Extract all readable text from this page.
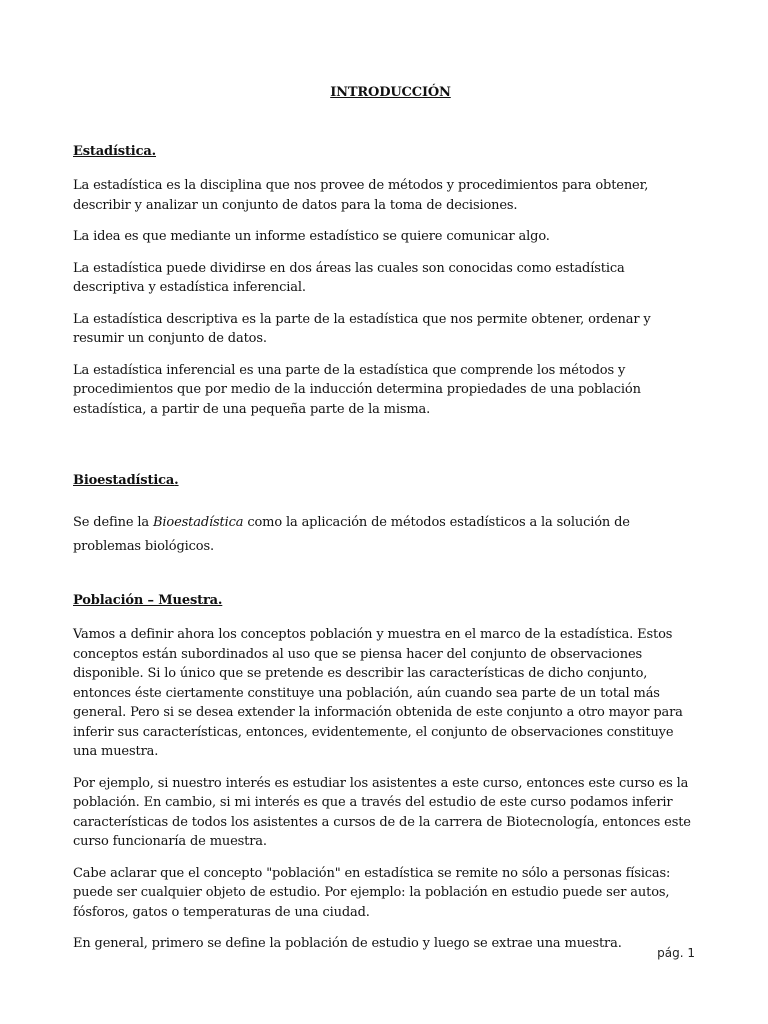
INTRODUCCIÓN

Estadística.

La estadística es la disciplina que nos provee de métodos y procedimientos para obtener, describir y analizar un conjunto de datos para la toma de decisiones.

La idea es que mediante un informe estadístico se quiere comunicar algo.

La estadística puede dividirse en dos áreas las cuales son conocidas como estadística descriptiva y estadística inferencial.

La estadística descriptiva es la parte de la estadística que nos permite obtener, ordenar y resumir un conjunto de datos.

La estadística inferencial es una parte de la estadística que comprende los métodos y procedimientos que por medio de la inducción determina propiedades de una población estadística, a partir de una pequeña parte de la misma.

Bioestadística.

Se define la Bioestadística como la aplicación de métodos estadísticos a la solución de problemas biológicos.

Población – Muestra.

Vamos a definir ahora los conceptos población y muestra en el marco de la estadística. Estos conceptos están subordinados al uso que se piensa hacer del conjunto de observaciones disponible. Si lo único que se pretende es describir las características de dicho conjunto, entonces éste ciertamente constituye una población, aún cuando sea parte de un total más general. Pero si se desea extender la información obtenida de este conjunto a otro mayor para inferir sus características, entonces, evidentemente, el conjunto de observaciones constituye una muestra.

Por ejemplo, si nuestro interés es estudiar los asistentes a este curso, entonces este curso es la población. En cambio, si mi interés es que a través del estudio de este curso podamos inferir características de todos los asistentes a cursos de de la carrera de Biotecnología, entonces este curso funcionaría de muestra.

Cabe aclarar que el concepto "población" en estadística se remite no sólo a personas físicas: puede ser cualquier objeto de estudio. Por ejemplo: la población en estudio puede ser autos, fósforos, gatos o temperaturas de una ciudad.

En general, primero se define la población de estudio y luego se extrae una muestra.

pág. 1
